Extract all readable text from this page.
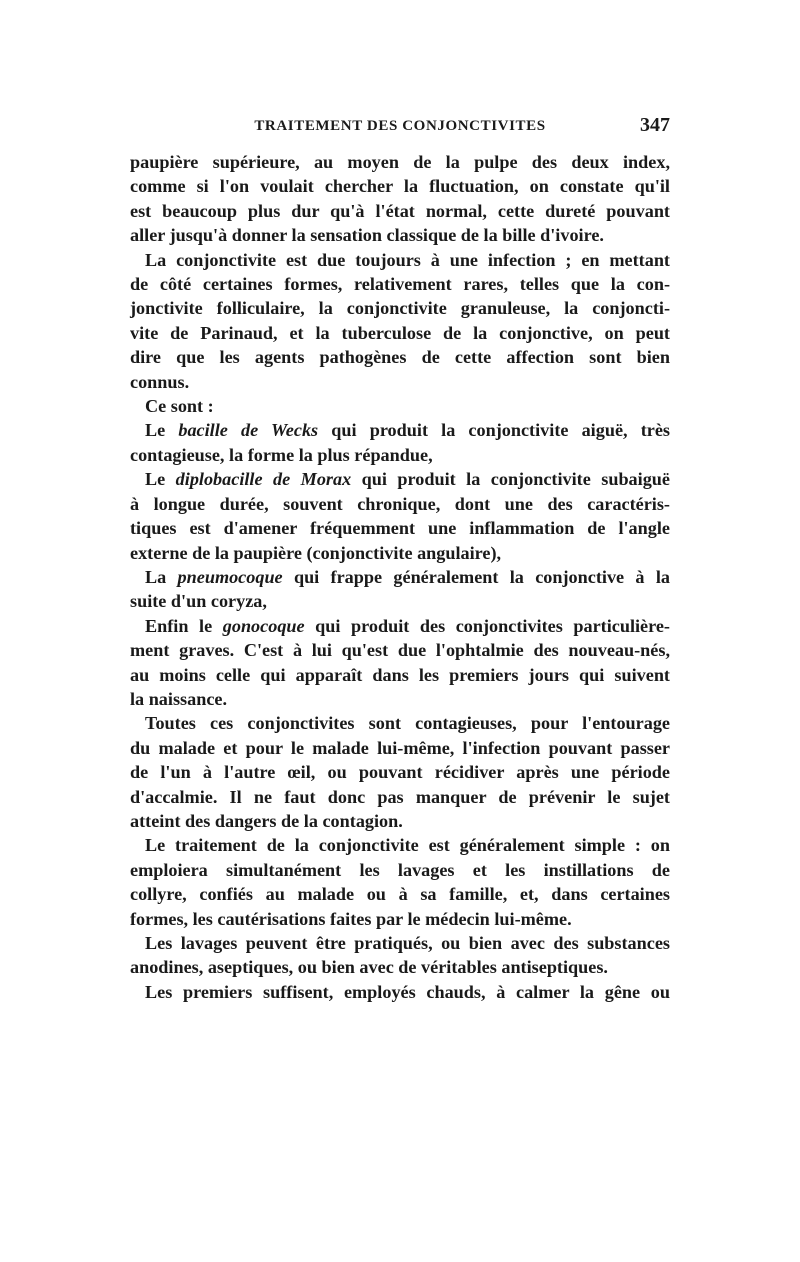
TRAITEMENT DES CONJONCTIVITES	347
paupière supérieure, au moyen de la pulpe des deux index,
comme si l'on voulait chercher la fluctuation, on constate qu'il
est beaucoup plus dur qu'à l'état normal, cette dureté pouvant
aller jusqu'à donner la sensation classique de la bille d'ivoire.
La conjonctivite est due toujours à une infection ; en mettant
de côté certaines formes, relativement rares, telles que la con-
jonctivite folliculaire, la conjonctivite granuleuse, la conjoncti-
vite de Parinaud, et la tuberculose de la conjonctive, on peut
dire que les agents pathogènes de cette affection sont bien
connus.
Ce sont :
Le bacille de Wecks qui produit la conjonctivite aiguë, très
contagieuse, la forme la plus répandue,
Le diplobacille de Morax qui produit la conjonctivite subaiguë
à longue durée, souvent chronique, dont une des caractéris-
tiques est d'amener fréquemment une inflammation de l'angle
externe de la paupière (conjonctivite angulaire),
La pneumocoque qui frappe généralement la conjonctive à la
suite d'un coryza,
Enfin le gonocoque qui produit des conjonctivites particulière-
ment graves. C'est à lui qu'est due l'ophtalmie des nouveau-nés,
au moins celle qui apparaît dans les premiers jours qui suivent
la naissance.
Toutes ces conjonctivites sont contagieuses, pour l'entourage
du malade et pour le malade lui-même, l'infection pouvant passer
de l'un à l'autre œil, ou pouvant récidiver après une période
d'accalmie. Il ne faut donc pas manquer de prévenir le sujet
atteint des dangers de la contagion.
Le traitement de la conjonctivite est généralement simple : on
emploiera simultanément les lavages et les instillations de
collyre, confiés au malade ou à sa famille, et, dans certaines
formes, les cautérisations faites par le médecin lui-même.
Les lavages peuvent être pratiqués, ou bien avec des substances
anodines, aseptiques, ou bien avec de véritables antiseptiques.
Les premiers suffisent, employés chauds, à calmer la gêne ou
